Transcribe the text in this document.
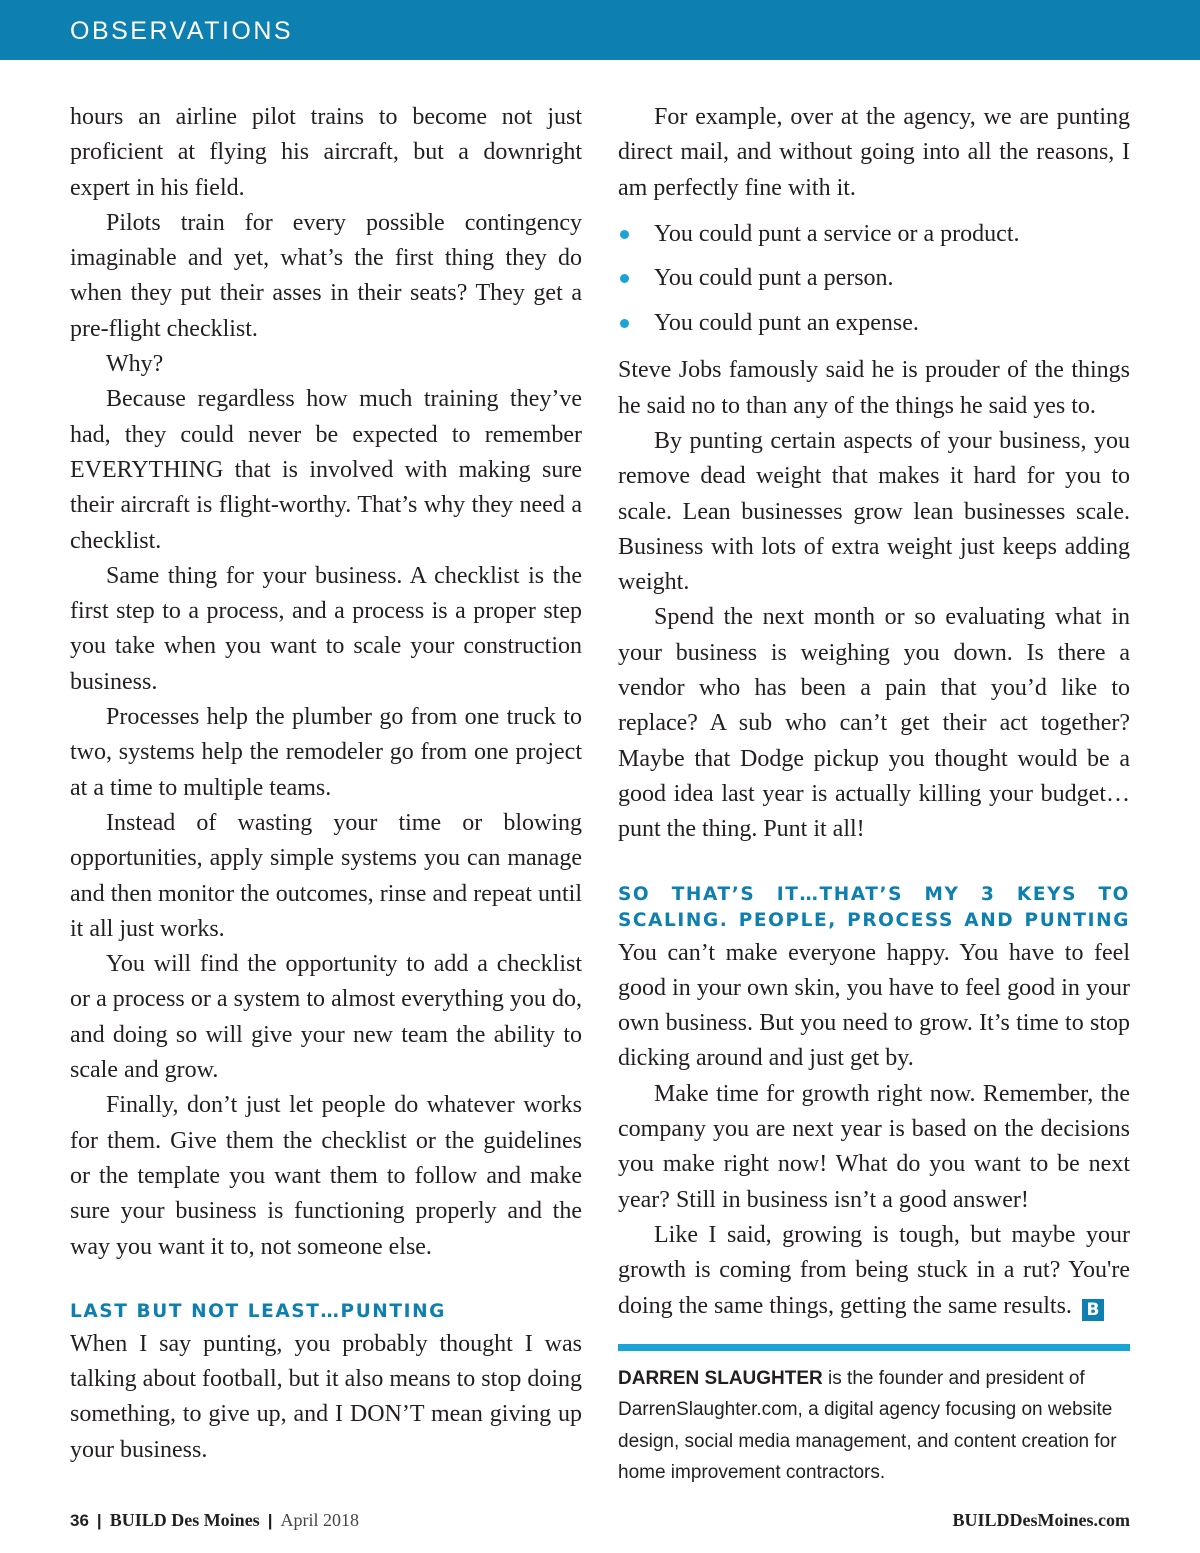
OBSERVATIONS

hours an airline pilot trains to become not just proficient at flying his aircraft, but a downright expert in his field.

Pilots train for every possible contingency imaginable and yet, what’s the first thing they do when they put their asses in their seats? They get a pre-flight checklist.

Why?

Because regardless how much training they’ve had, they could never be expected to remember EVERYTHING that is involved with making sure their aircraft is flight-worthy. That’s why they need a checklist.

Same thing for your business. A checklist is the first step to a process, and a process is a proper step you take when you want to scale your construction business.

Processes help the plumber go from one truck to two, systems help the remodeler go from one project at a time to multiple teams.

Instead of wasting your time or blowing opportunities, apply simple systems you can manage and then monitor the outcomes, rinse and repeat until it all just works.

You will find the opportunity to add a checklist or a process or a system to almost everything you do, and doing so will give your new team the ability to scale and grow.

Finally, don’t just let people do whatever works for them. Give them the checklist or the guidelines or the template you want them to follow and make sure your business is functioning properly and the way you want it to, not someone else.

LAST BUT NOT LEAST…PUNTING

When I say punting, you probably thought I was talking about football, but it also means to stop doing something, to give up, and I DON’T mean giving up your business.

For example, over at the agency, we are punting direct mail, and without going into all the reasons, I am perfectly fine with it.

You could punt a service or a product.
You could punt a person.
You could punt an expense.

Steve Jobs famously said he is prouder of the things he said no to than any of the things he said yes to.

By punting certain aspects of your business, you remove dead weight that makes it hard for you to scale. Lean businesses grow lean businesses scale. Business with lots of extra weight just keeps adding weight.

Spend the next month or so evaluating what in your business is weighing you down. Is there a vendor who has been a pain that you’d like to replace? A sub who can’t get their act together? Maybe that Dodge pickup you thought would be a good idea last year is actually killing your budget… punt the thing. Punt it all!

SO THAT’S IT…THAT’S MY 3 KEYS TO SCALING. PEOPLE, PROCESS AND PUNTING

You can’t make everyone happy. You have to feel good in your own skin, you have to feel good in your own business. But you need to grow. It’s time to stop dicking around and just get by.

Make time for growth right now. Remember, the company you are next year is based on the decisions you make right now! What do you want to be next year? Still in business isn’t a good answer!

Like I said, growing is tough, but maybe your growth is coming from being stuck in a rut? You're doing the same things, getting the same results. B

DARREN SLAUGHTER is the founder and president of DarrenSlaughter.com, a digital agency focusing on website design, social media management, and content creation for home improvement contractors.
36 | BUILD Des Moines | April 2018	BUILDDesMoines.com
